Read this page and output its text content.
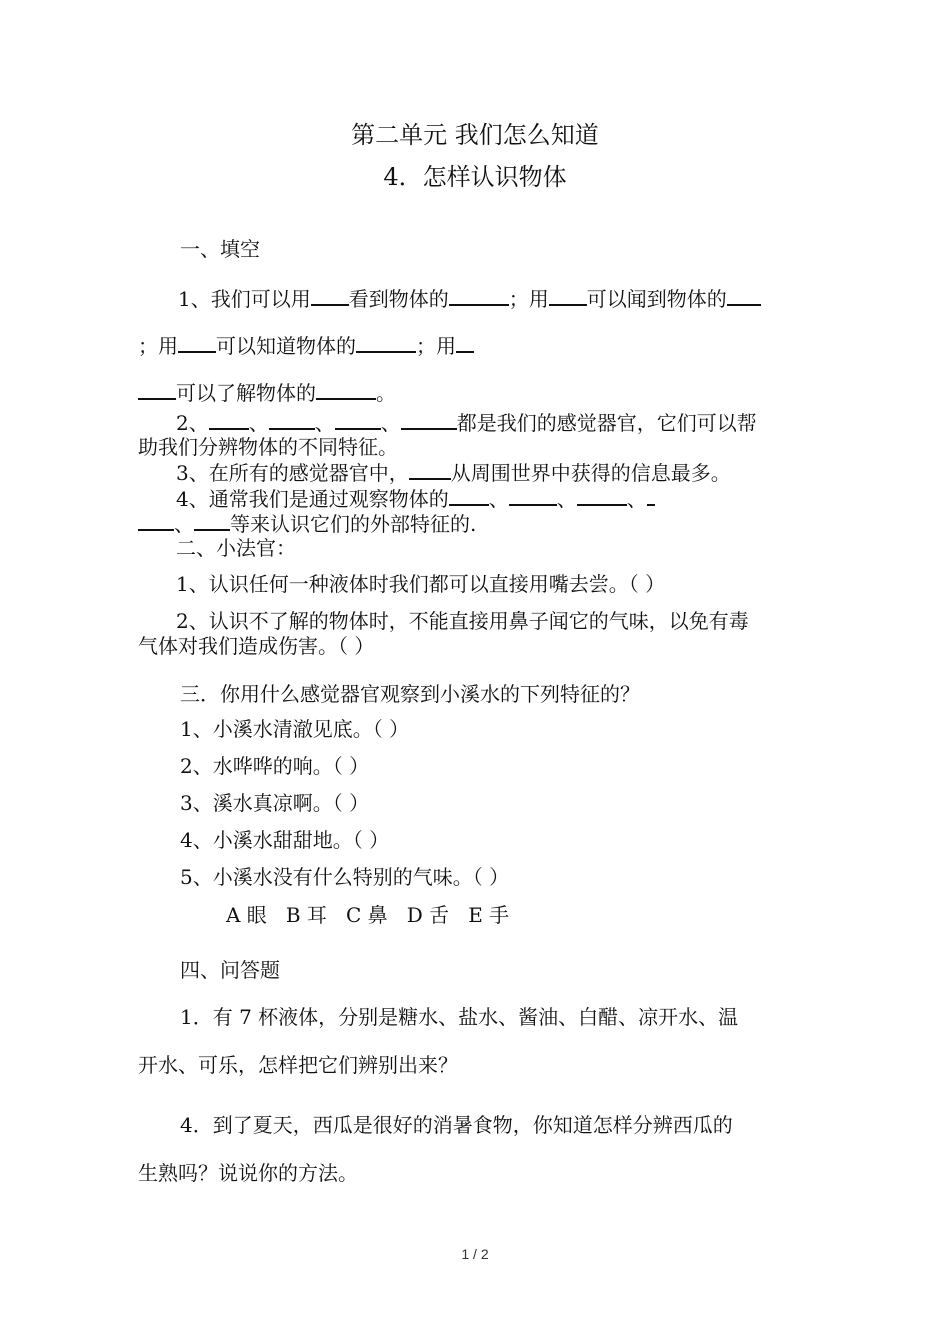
第二单元 我们怎么知道
4．怎样认识物体
一、填空
1、我们可以用 看到物体的	；用 可以闻到物体的
；用 可以知道物体的	；用
可以了解物体的	。
2、 、 、 、	都是我们的感觉器官，它们可以帮
助我们分辨物体的不同特征。
3、在所有的感觉器官中， 从周围世界中获得的信息最多。
4、通常我们是通过观察物体的 、 、	、
、 等来认识它们的外部特征的.
二、小法官：
1、认识任何一种液体时我们都可以直接用嘴去尝。（ ）
2、认识不了解的物体时，不能直接用鼻子闻它的气味，以免有毒
气体对我们造成伤害。（ ）
三．你用什么感觉器官观察到小溪水的下列特征的？
1、小溪水清澈见底。（ ）
2、水哗哗的响。（ ）
3、溪水真凉啊。（ ）
4、小溪水甜甜地。（ ）
5、小溪水没有什么特别的气味。（ ）
A 眼   B 耳   C 鼻   D 舌   E 手
四、问答题
1．有 7 杯液体，分别是糖水、盐水、酱油、白醋、凉开水、温
开水、可乐，怎样把它们辨别出来？
4．到了夏天，西瓜是很好的消暑食物，你知道怎样分辨西瓜的
生熟吗？说说你的方法。
1 / 2
